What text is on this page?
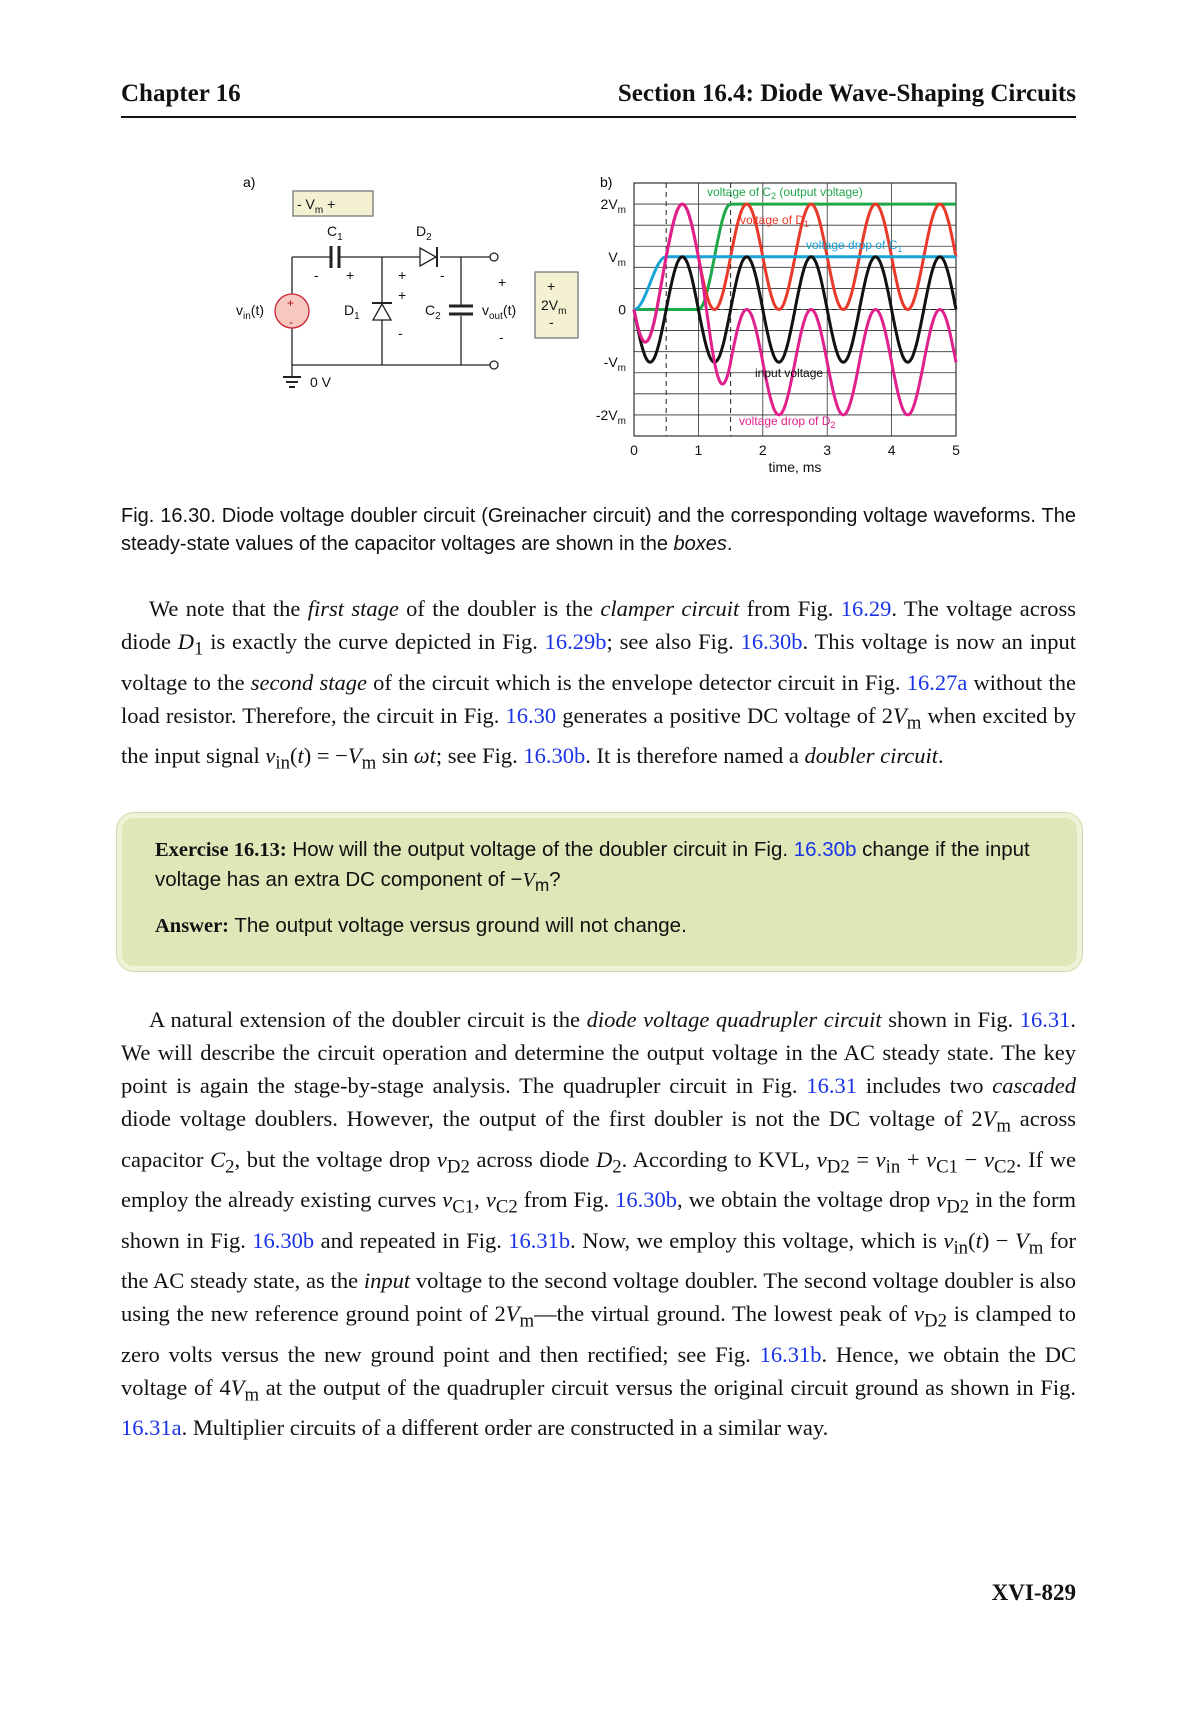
Chapter 16	Section 16.4: Diode Wave-Shaping Circuits
a)
- $V_m$ +
$C_1$	$D_2$
$D_1$	$C_2$
$v_{in}(t)$	$v_{out}(t)$
0 V
$2V_m$
+
-
- +	+
+
-
-	+
-
+
-
b)
$2V_m$
$V_m$
0
$-V_m$
$-2V_m$
0	1	2	3	4	5
time, ms
voltage of $C_2$ (output voltage)
voltage of $D_1$
voltage drop of $C_1$
input voltage
voltage drop of $D_2$
Fig. 16.30. Diode voltage doubler circuit (Greinacher circuit) and the corresponding voltage waveforms. The steady-state values of the capacitor voltages are shown in the boxes.
We note that the first stage of the doubler is the clamper circuit from Fig. 16.29. The voltage across diode $D_1$ is exactly the curve depicted in Fig. 16.29b; see also Fig. 16.30b. This voltage is now an input voltage to the second stage of the circuit which is the envelope detector circuit in Fig. 16.27a without the load resistor. Therefore, the circuit in Fig. 16.30 generates a positive DC voltage of $2V_m$ when excited by the input signal $v_{in}(t) = -V_m$ sin ωt; see Fig. 16.30b. It is therefore named a doubler circuit.
Exercise 16.13: How will the output voltage of the doubler circuit in Fig. 16.30b change if the input voltage has an extra DC component of $-V_m$?
Answer: The output voltage versus ground will not change.
A natural extension of the doubler circuit is the diode voltage quadrupler circuit shown in Fig. 16.31. We will describe the circuit operation and determine the output voltage in the AC steady state. The key point is again the stage-by-stage analysis. The quadrupler circuit in Fig. 16.31 includes two cascaded diode voltage doublers. However, the output of the first doubler is not the DC voltage of $2V_m$ across capacitor $C_2$, but the voltage drop $v_{D2}$ across diode $D_2$. According to KVL, $v_{D2} = v_{in} + v_{C1} - v_{C2}$. If we employ the already existing curves $v_{C1}$, $v_{C2}$ from Fig. 16.30b, we obtain the voltage drop $v_{D2}$ in the form shown in Fig. 16.30b and repeated in Fig. 16.31b. Now, we employ this voltage, which is $v_{in}(t) - V_m$ for the AC steady state, as the input voltage to the second voltage doubler. The second voltage doubler is also using the new reference ground point of $2V_m—the$ virtual ground. The lowest peak of $v_{D2}$ is clamped to zero volts versus the new ground point and then rectified; see Fig. 16.31b. Hence, we obtain the DC voltage of $4V_m$ at the output of the quadrupler circuit versus the original circuit ground as shown in Fig. 16.31a. Multiplier circuits of a different order are constructed in a similar way.
XVI-829
